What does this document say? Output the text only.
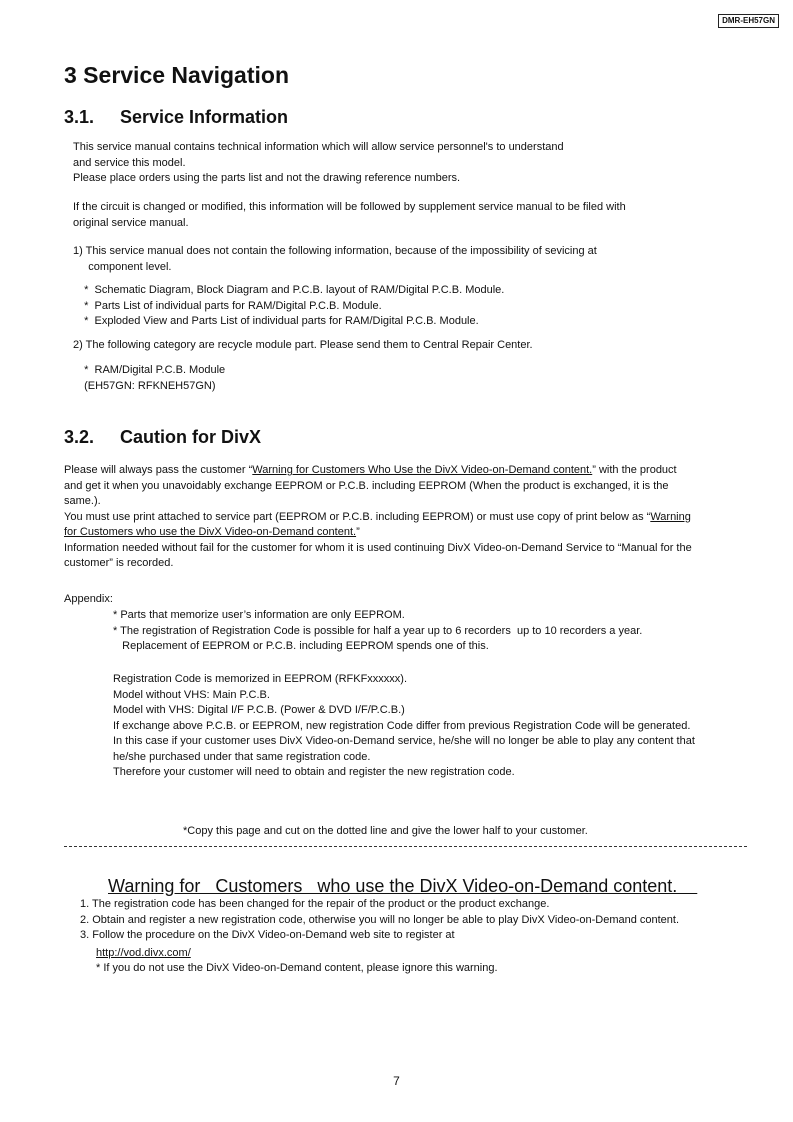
DMR-EH57GN
3 Service Navigation
3.1. Service Information
This service manual contains technical information which will allow service personnel's to understand
and service this model.
Please place orders using the parts list and not the drawing reference numbers.
If the circuit is changed or modified, this information will be followed by supplement service manual to be filed with
original service manual.
1) This service manual does not contain the following information, because of the impossibility of sevicing at
component level.
*  Schematic Diagram, Block Diagram and P.C.B. layout of RAM/Digital P.C.B. Module.
*  Parts List of individual parts for RAM/Digital P.C.B. Module.
*  Exploded View and Parts List of individual parts for RAM/Digital P.C.B. Module.
2) The following category are recycle module part. Please send them to Central Repair Center.
*  RAM/Digital P.C.B. Module
(EH57GN: RFKNEH57GN)
3.2. Caution for DivX
Please will always pass the customer “Warning for Customers Who Use the DivX Video-on-Demand content.” with the product
and get it when you unavoidably exchange EEPROM or P.C.B. including EEPROM (When the product is exchanged, it is the
same.).
You must use print attached to service part (EEPROM or P.C.B. including EEPROM) or must use copy of print below as “Warning
for Customers who use the DivX Video-on-Demand content.”
Information needed without fail for the customer for whom it is used continuing DivX Video-on-Demand Service to “Manual for the
customer” is recorded.
Appendix:
* Parts that memorize user’s information are only EEPROM.
* The registration of Registration Code is possible for half a year up to 6 recorders  up to 10 recorders a year.
Replacement of EEPROM or P.C.B. including EEPROM spends one of this.
Registration Code is memorized in EEPROM (RFKFxxxxxx).
Model without VHS: Main P.C.B.
Model with VHS: Digital I/F P.C.B. (Power & DVD I/F/P.C.B.)
If exchange above P.C.B. or EEPROM, new registration Code differ from previous Registration Code will be generated.
In this case if your customer uses DivX Video-on-Demand service, he/she will no longer be able to play any content that
he/she purchased under that same registration code.
Therefore your customer will need to obtain and register the new registration code.
*Copy this page and cut on the dotted line and give the lower half to your customer.
Warning for   Customers   who use the DivX Video-on-Demand content.
1. The registration code has been changed for the repair of the product or the product exchange.
2. Obtain and register a new registration code, otherwise you will no longer be able to play DivX Video-on-Demand content.
3. Follow the procedure on the DivX Video-on-Demand web site to register at
http://vod.divx.com/
* If you do not use the DivX Video-on-Demand content, please ignore this warning.
7
